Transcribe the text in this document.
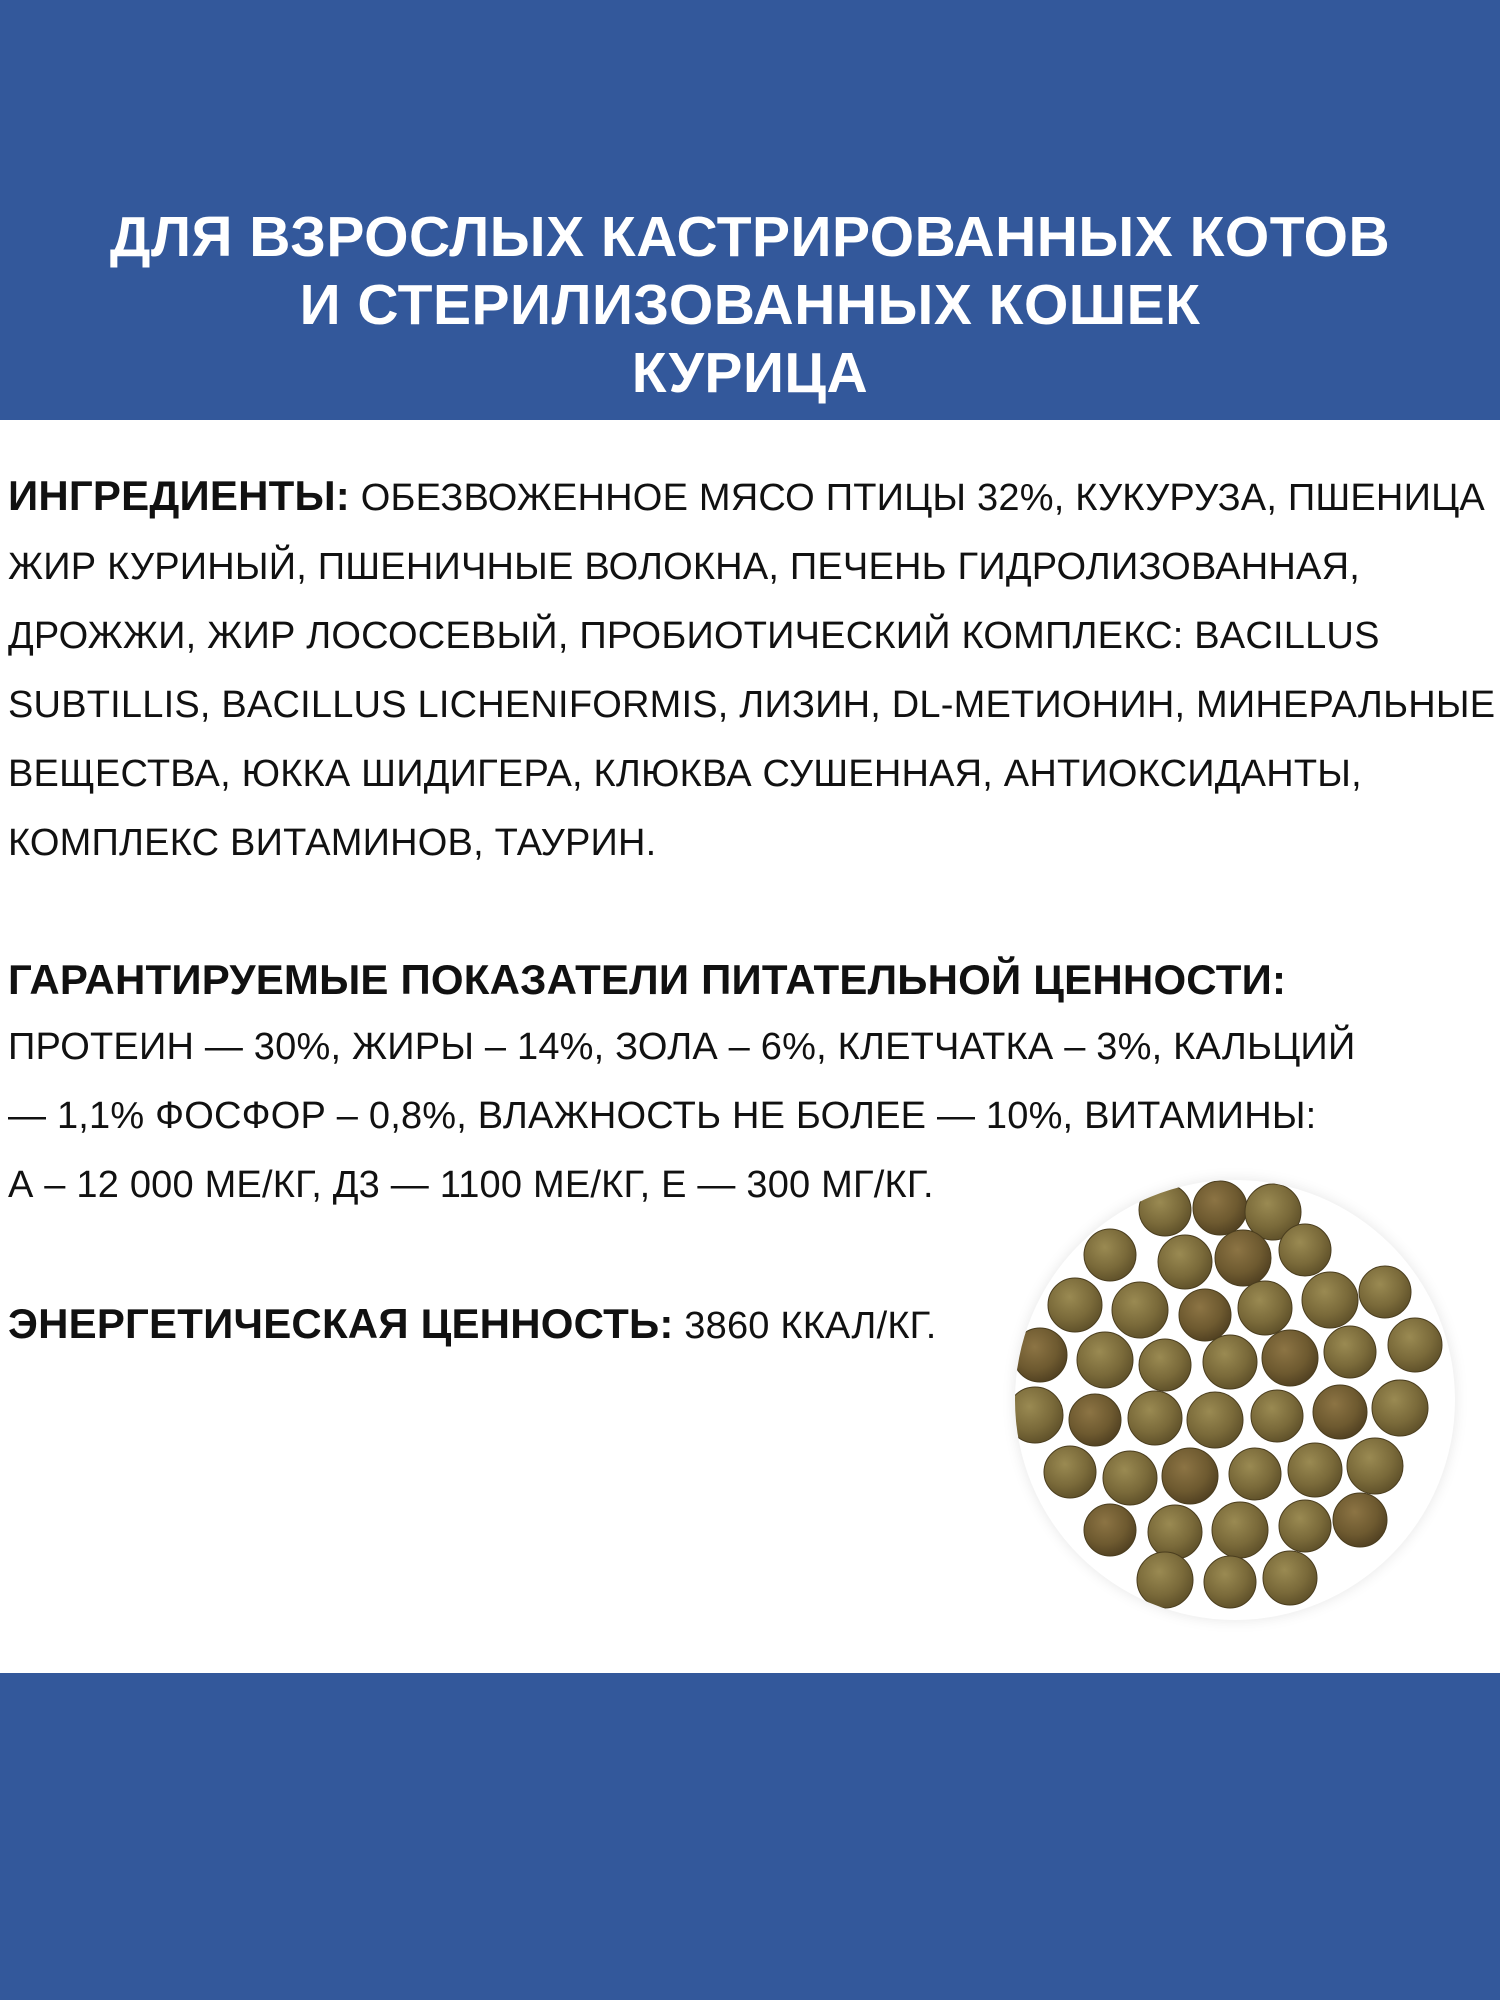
ДЛЯ ВЗРОСЛЫХ КАСТРИРОВАННЫХ КОТОВ
И СТЕРИЛИЗОВАННЫХ КОШЕК
КУРИЦА
ИНГРЕДИЕНТЫ: ОБЕЗВОЖЕННОЕ МЯСО ПТИЦЫ 32%, КУКУРУЗА, ПШЕНИЦА
ЖИР КУРИНЫЙ, ПШЕНИЧНЫЕ ВОЛОКНА, ПЕЧЕНЬ ГИДРОЛИЗОВАННАЯ,
ДРОЖЖИ, ЖИР ЛОСОСЕВЫЙ, ПРОБИОТИЧЕСКИЙ КОМПЛЕКС: BACILLUS
SUBTILLIS, BACILLUS LICHENIFORMIS, ЛИЗИН, DL-МЕТИОНИН, МИНЕРАЛЬНЫЕ
ВЕЩЕСТВА, ЮККА ШИДИГЕРА, КЛЮКВА СУШЕННАЯ, АНТИОКСИДАНТЫ,
КОМПЛЕКС ВИТАМИНОВ, ТАУРИН.
ГАРАНТИРУЕМЫЕ ПОКАЗАТЕЛИ ПИТАТЕЛЬНОЙ ЦЕННОСТИ:
ПРОТЕИН — 30%, ЖИРЫ – 14%, ЗОЛА – 6%, КЛЕТЧАТКА – 3%, КАЛЬЦИЙ
— 1,1% ФОСФОР – 0,8%, ВЛАЖНОСТЬ НЕ БОЛЕЕ — 10%, ВИТАМИНЫ:
А – 12 000 МЕ/КГ, Д3 — 1100 МЕ/КГ, Е — 300 МГ/КГ.
ЭНЕРГЕТИЧЕСКАЯ ЦЕННОСТЬ: 3860 ККАЛ/КГ.
